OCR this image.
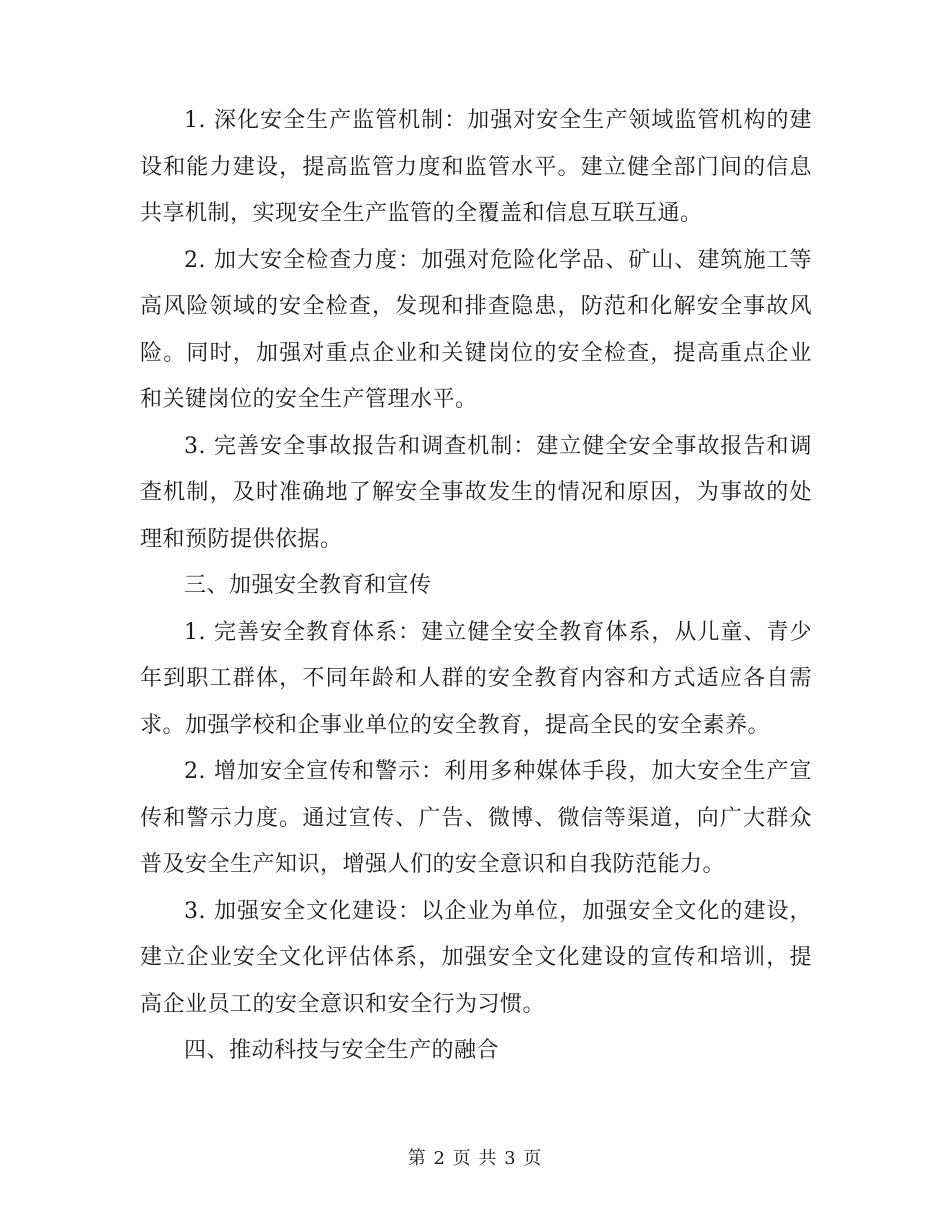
1. 深化安全生产监管机制：加强对安全生产领域监管机构的建设和能力建设，提高监管力度和监管水平。建立健全部门间的信息共享机制，实现安全生产监管的全覆盖和信息互联互通。

2. 加大安全检查力度：加强对危险化学品、矿山、建筑施工等高风险领域的安全检查，发现和排查隐患，防范和化解安全事故风险。同时，加强对重点企业和关键岗位的安全检查，提高重点企业和关键岗位的安全生产管理水平。

3. 完善安全事故报告和调查机制：建立健全安全事故报告和调查机制，及时准确地了解安全事故发生的情况和原因，为事故的处理和预防提供依据。

三、加强安全教育和宣传

1. 完善安全教育体系：建立健全安全教育体系，从儿童、青少年到职工群体，不同年龄和人群的安全教育内容和方式适应各自需求。加强学校和企事业单位的安全教育，提高全民的安全素养。

2. 增加安全宣传和警示：利用多种媒体手段，加大安全生产宣传和警示力度。通过宣传、广告、微博、微信等渠道，向广大群众普及安全生产知识，增强人们的安全意识和自我防范能力。

3. 加强安全文化建设：以企业为单位，加强安全文化的建设，建立企业安全文化评估体系，加强安全文化建设的宣传和培训，提高企业员工的安全意识和安全行为习惯。

四、推动科技与安全生产的融合

第 2 页 共 3 页
